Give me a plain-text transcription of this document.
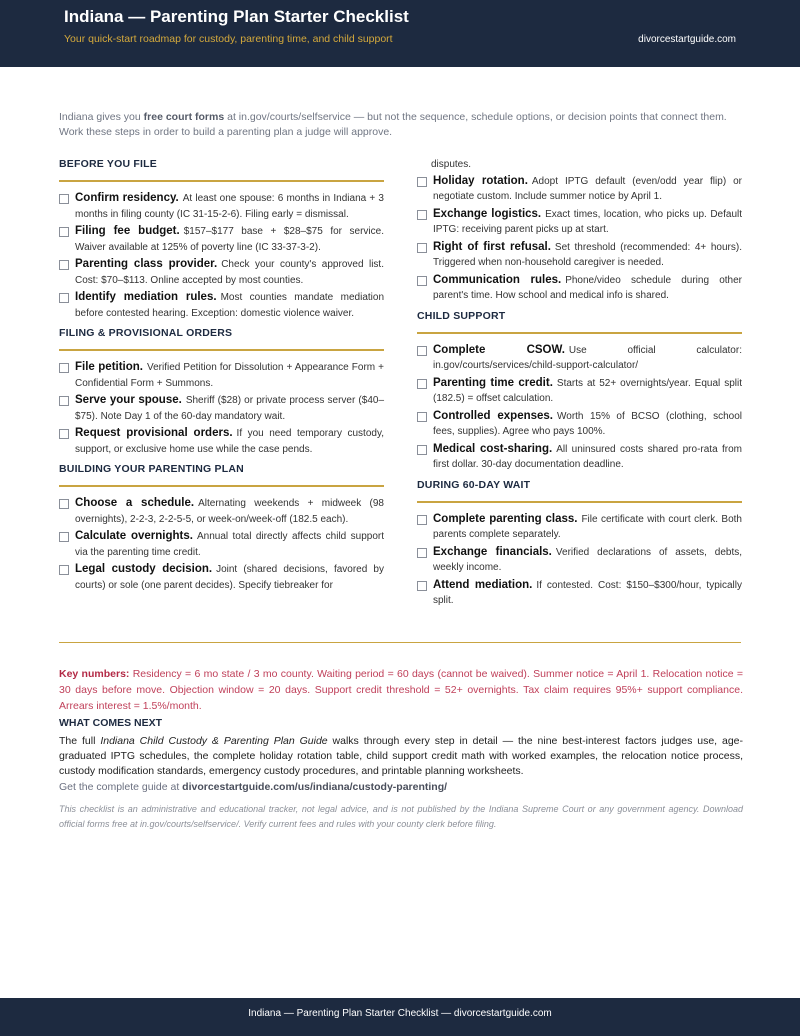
Indiana — Parenting Plan Starter Checklist
Your quick-start roadmap for custody, parenting time, and child support	divorcestartguide.com
Indiana gives you free court forms at in.gov/courts/selfservice — but not the sequence, schedule options, or decision points that connect them. Work these steps in order to build a parenting plan a judge will approve.
BEFORE YOU FILE
Confirm residency. At least one spouse: 6 months in Indiana + 3 months in filing county (IC 31-15-2-6). Filing early = dismissal.
Filing fee budget. $157–$177 base + $28–$75 for service. Waiver available at 125% of poverty line (IC 33-37-3-2).
Parenting class provider. Check your county's approved list. Cost: $70–$113. Online accepted by most counties.
Identify mediation rules. Most counties mandate mediation before contested hearing. Exception: domestic violence waiver.
FILING & PROVISIONAL ORDERS
File petition. Verified Petition for Dissolution + Appearance Form + Confidential Form + Summons.
Serve your spouse. Sheriff ($28) or private process server ($40–$75). Note Day 1 of the 60-day mandatory wait.
Request provisional orders. If you need temporary custody, support, or exclusive home use while the case pends.
BUILDING YOUR PARENTING PLAN
Choose a schedule. Alternating weekends + midweek (98 overnights), 2-2-3, 2-2-5-5, or week-on/week-off (182.5 each).
Calculate overnights. Annual total directly affects child support via the parenting time credit.
Legal custody decision. Joint (shared decisions, favored by courts) or sole (one parent decides). Specify tiebreaker for
disputes.
Holiday rotation. Adopt IPTG default (even/odd year flip) or negotiate custom. Include summer notice by April 1.
Exchange logistics. Exact times, location, who picks up. Default IPTG: receiving parent picks up at start.
Right of first refusal. Set threshold (recommended: 4+ hours). Triggered when non-household caregiver is needed.
Communication rules. Phone/video schedule during other parent's time. How school and medical info is shared.
CHILD SUPPORT
Complete CSOW. Use official calculator: in.gov/courts/services/child-support-calculator/
Parenting time credit. Starts at 52+ overnights/year. Equal split (182.5) = offset calculation.
Controlled expenses. Worth 15% of BCSO (clothing, school fees, supplies). Agree who pays 100%.
Medical cost-sharing. All uninsured costs shared pro-rata from first dollar. 30-day documentation deadline.
DURING 60-DAY WAIT
Complete parenting class. File certificate with court clerk. Both parents complete separately.
Exchange financials. Verified declarations of assets, debts, weekly income.
Attend mediation. If contested. Cost: $150–$300/hour, typically split.
Key numbers: Residency = 6 mo state / 3 mo county. Waiting period = 60 days (cannot be waived). Summer notice = April 1. Relocation notice = 30 days before move. Objection window = 20 days. Support credit threshold = 52+ overnights. Tax claim requires 95%+ support compliance. Arrears interest = 1.5%/month.
WHAT COMES NEXT
The full Indiana Child Custody & Parenting Plan Guide walks through every step in detail — the nine best-interest factors judges use, age-graduated IPTG schedules, the complete holiday rotation table, child support credit math with worked examples, the relocation notice process, custody modification standards, emergency custody procedures, and printable planning worksheets.
Get the complete guide at divorcestartguide.com/us/indiana/custody-parenting/
This checklist is an administrative and educational tracker, not legal advice, and is not published by the Indiana Supreme Court or any government agency. Download official forms free at in.gov/courts/selfservice/. Verify current fees and rules with your county clerk before filing.
Indiana — Parenting Plan Starter Checklist — divorcestartguide.com
